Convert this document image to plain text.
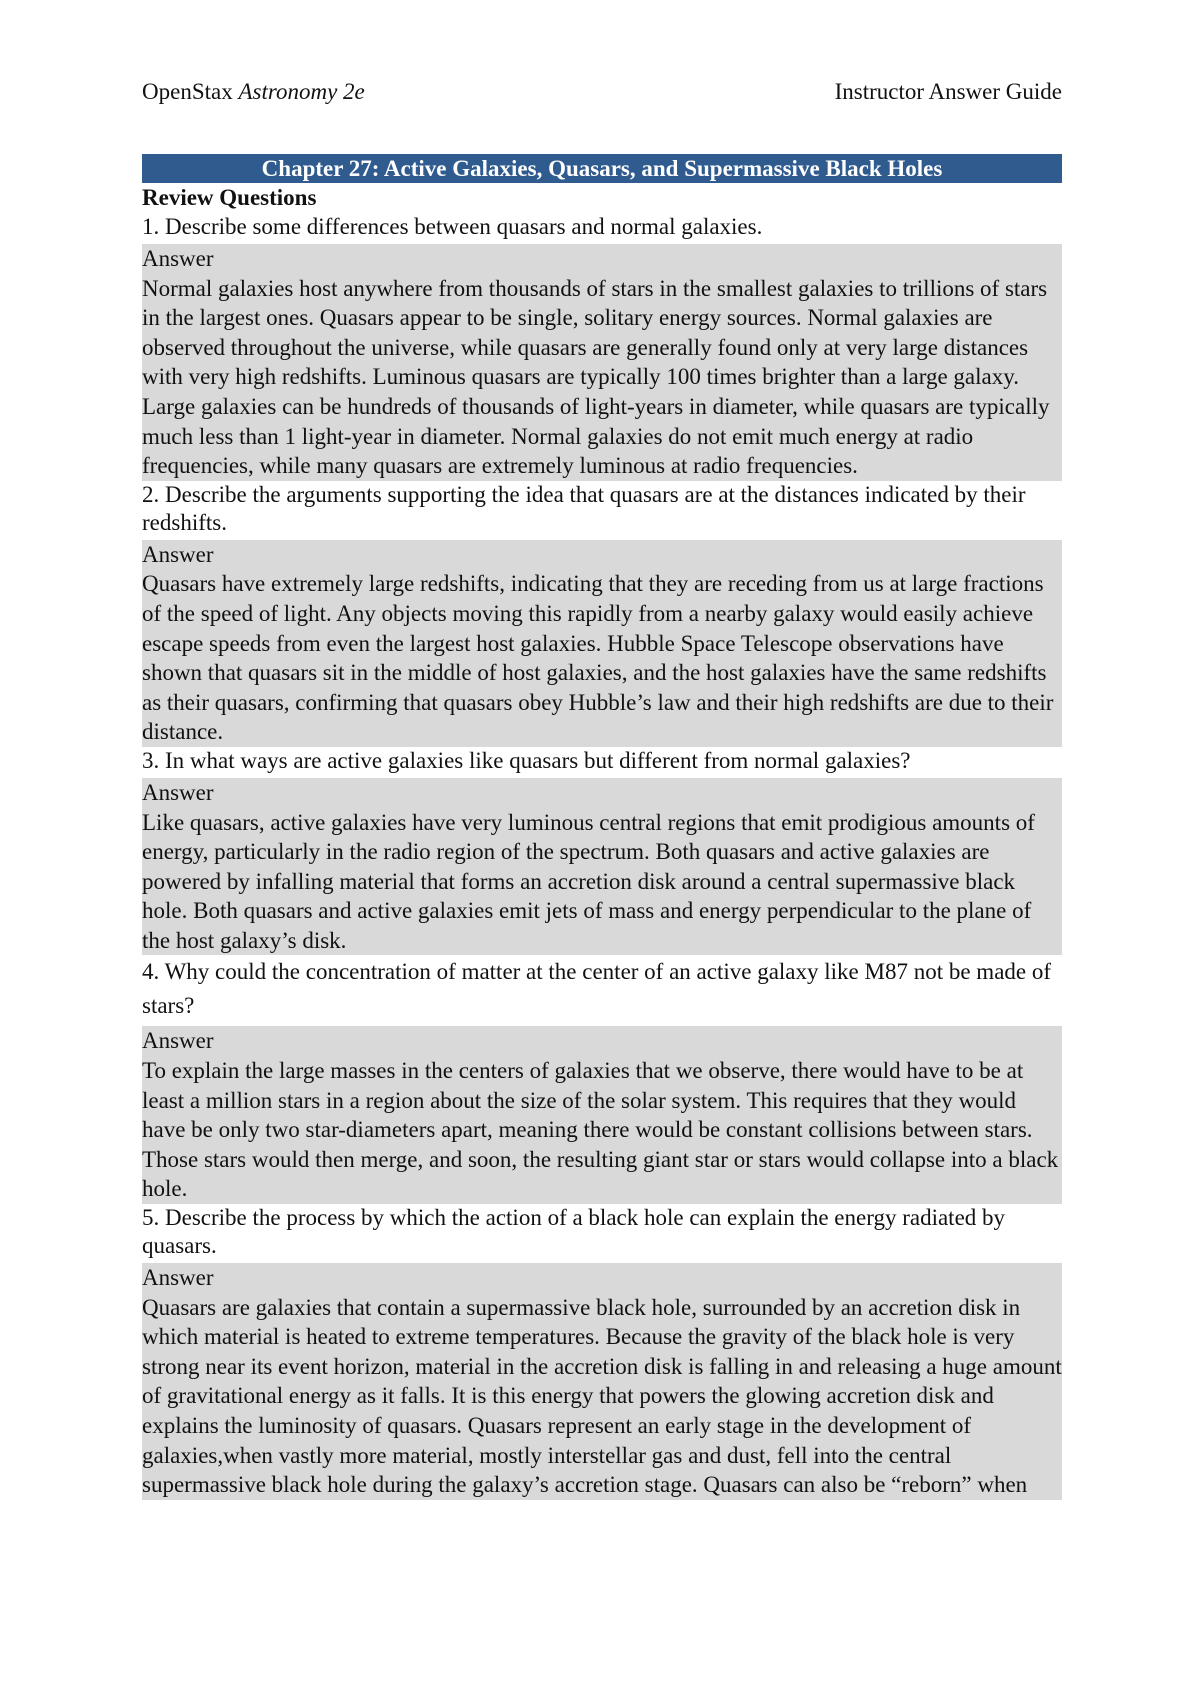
OpenStax Astronomy 2e	Instructor Answer Guide
Chapter 27: Active Galaxies, Quasars, and Supermassive Black Holes
Review Questions

1. Describe some differences between quasars and normal galaxies.

Answer
Normal galaxies host anywhere from thousands of stars in the smallest galaxies to trillions of stars in the largest ones. Quasars appear to be single, solitary energy sources. Normal galaxies are observed throughout the universe, while quasars are generally found only at very large distances with very high redshifts. Luminous quasars are typically 100 times brighter than a large galaxy. Large galaxies can be hundreds of thousands of light-years in diameter, while quasars are typically much less than 1 light-year in diameter. Normal galaxies do not emit much energy at radio frequencies, while many quasars are extremely luminous at radio frequencies.

2. Describe the arguments supporting the idea that quasars are at the distances indicated by their redshifts.

Answer
Quasars have extremely large redshifts, indicating that they are receding from us at large fractions of the speed of light. Any objects moving this rapidly from a nearby galaxy would easily achieve escape speeds from even the largest host galaxies. Hubble Space Telescope observations have shown that quasars sit in the middle of host galaxies, and the host galaxies have the same redshifts as their quasars, confirming that quasars obey Hubble’s law and their high redshifts are due to their distance.

3. In what ways are active galaxies like quasars but different from normal galaxies?

Answer
Like quasars, active galaxies have very luminous central regions that emit prodigious amounts of energy, particularly in the radio region of the spectrum. Both quasars and active galaxies are powered by infalling material that forms an accretion disk around a central supermassive black hole. Both quasars and active galaxies emit jets of mass and energy perpendicular to the plane of the host galaxy’s disk.

4. Why could the concentration of matter at the center of an active galaxy like M87 not be made of stars?

Answer
To explain the large masses in the centers of galaxies that we observe, there would have to be at least a million stars in a region about the size of the solar system. This requires that they would have be only two star-diameters apart, meaning there would be constant collisions between stars. Those stars would then merge, and soon, the resulting giant star or stars would collapse into a black hole.

5. Describe the process by which the action of a black hole can explain the energy radiated by quasars.

Answer
Quasars are galaxies that contain a supermassive black hole, surrounded by an accretion disk in which material is heated to extreme temperatures. Because the gravity of the black hole is very strong near its event horizon, material in the accretion disk is falling in and releasing a huge amount of gravitational energy as it falls. It is this energy that powers the glowing accretion disk and explains the luminosity of quasars. Quasars represent an early stage in the development of galaxies,when vastly more material, mostly interstellar gas and dust, fell into the central supermassive black hole during the galaxy’s accretion stage. Quasars can also be “reborn” when
